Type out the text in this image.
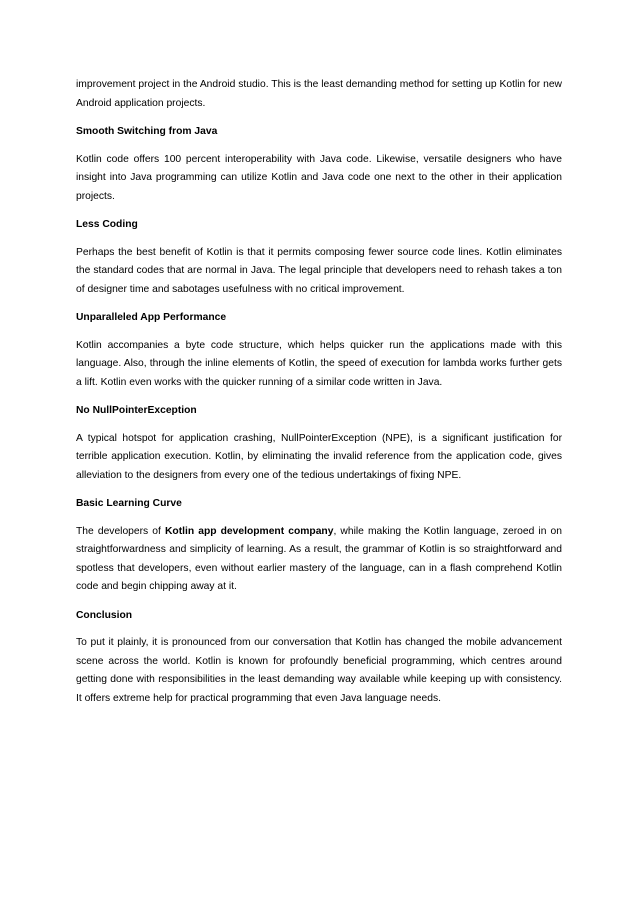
improvement project in the Android studio. This is the least demanding method for setting up Kotlin for new Android application projects.

Smooth Switching from Java

Kotlin code offers 100 percent interoperability with Java code. Likewise, versatile designers who have insight into Java programming can utilize Kotlin and Java code one next to the other in their application projects.

Less Coding

Perhaps the best benefit of Kotlin is that it permits composing fewer source code lines. Kotlin eliminates the standard codes that are normal in Java. The legal principle that developers need to rehash takes a ton of designer time and sabotages usefulness with no critical improvement.

Unparalleled App Performance

Kotlin accompanies a byte code structure, which helps quicker run the applications made with this language. Also, through the inline elements of Kotlin, the speed of execution for lambda works further gets a lift. Kotlin even works with the quicker running of a similar code written in Java.

No NullPointerException

A typical hotspot for application crashing, NullPointerException (NPE), is a significant justification for terrible application execution. Kotlin, by eliminating the invalid reference from the application code, gives alleviation to the designers from every one of the tedious undertakings of fixing NPE.

Basic Learning Curve

The developers of Kotlin app development company, while making the Kotlin language, zeroed in on straightforwardness and simplicity of learning. As a result, the grammar of Kotlin is so straightforward and spotless that developers, even without earlier mastery of the language, can in a flash comprehend Kotlin code and begin chipping away at it.

Conclusion

To put it plainly, it is pronounced from our conversation that Kotlin has changed the mobile advancement scene across the world. Kotlin is known for profoundly beneficial programming, which centres around getting done with responsibilities in the least demanding way available while keeping up with consistency. It offers extreme help for practical programming that even Java language needs.
